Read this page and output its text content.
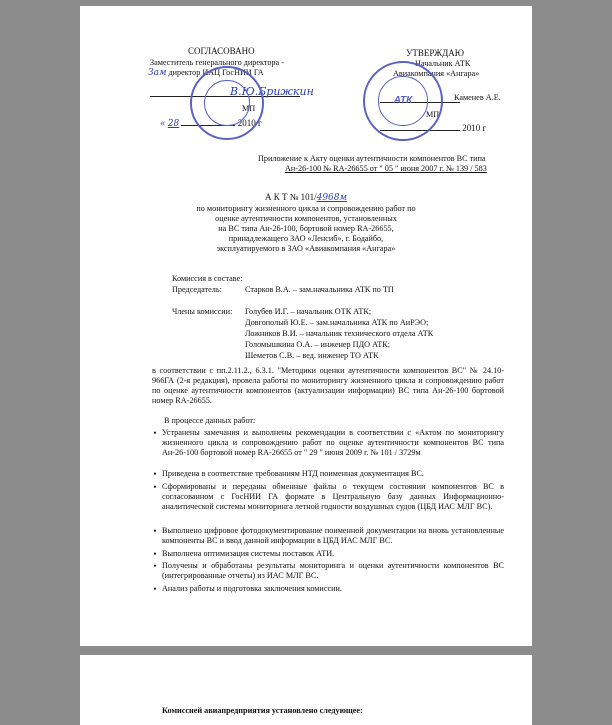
СОГЛАСОВАНО
Заместитель генерального директора -
Зам директор ИАЦ ГосНИИ ГА
В.Ю.Брижкин
МП
« 28	2010 г
УТВЕРЖДАЮ
Начальник АТК
Авиакомпания «Ангара»
Каменев А.Е.
МП
2010 г
АТК
Приложение к Акту оценки аутентичности компонентов ВС типа
Ан-26-100 № RA-26655 от " 05 " июня 2007 г. № 139 / 583
А К Т № 101/4968м
по мониторингу жизненного цикла и сопровождению работ по
оценке аутентичности компонентов, установленных
на ВС типа Ан-26-100, бортовой номер RA-26655,
принадлежащего ЗАО «Ленсиб», г. Бодайбо,
эксплуатируемого в ЗАО «Авиакомпания «Ангара»
Комиссия в составе:
Председатель:	Старков В.А. – зам.начальника АТК по ТП
Члены комиссии: Голубев И.Г. – начальник ОТК АТК;
Довгополый Ю.Е. – зам.начальника АТК по АиРЭО;
Ложников В.И. – начальник технического отдела АТК
Голомышкина О.А. – инженер ПДО АТК;
Шеметов С.В. – вед. инженер ТО АТК
в соответствии с пп.2.11.2., 6.3.1. "Методики оценки аутентичности компонентов ВС" № 24.10-966ГА (2-я редакция), провела работы по мониторингу жизненного цикла и сопровождению работ по оценке аутентичности компонентов (актуализации информации) ВС типа Ан-26-100 бортовой номер RA-26655.
В процессе данных работ:
• Устранены замечания и выполнены рекомендации в соответствии с «Актом по мониторингу жизненного цикла и сопровождению работ по оценке аутентичности компонентов ВС типа Ан-26-100 бортовой номер RA-26655 от " 29 " июня 2009 г. № 101 / 3729м
• Приведена в соответствие требованиям НТД поименная документация ВС.
• Сформированы и переданы обменные файлы о текущем состоянии компонентов ВС в согласованном с ГосНИИ ГА формате в Центральную базу данных Информационно-аналитической системы мониторинга летной годности воздушных судов (ЦБД ИАС МЛГ ВС).
• Выполнено цифровое фотодокументирование поименной документации на вновь установленные компоненты ВС и ввод данной информации в ЦБД ИАС МЛГ ВС.
• Выполнена оптимизация системы поставок АТИ.
• Получены и обработаны результаты мониторинга и оценки аутентичности компонентов ВС (интегрированные отчеты) из ИАС МЛГ ВС.
• Анализ работы и подготовка заключения комиссии.
Комиссией авиапредприятия установлено следующее:
